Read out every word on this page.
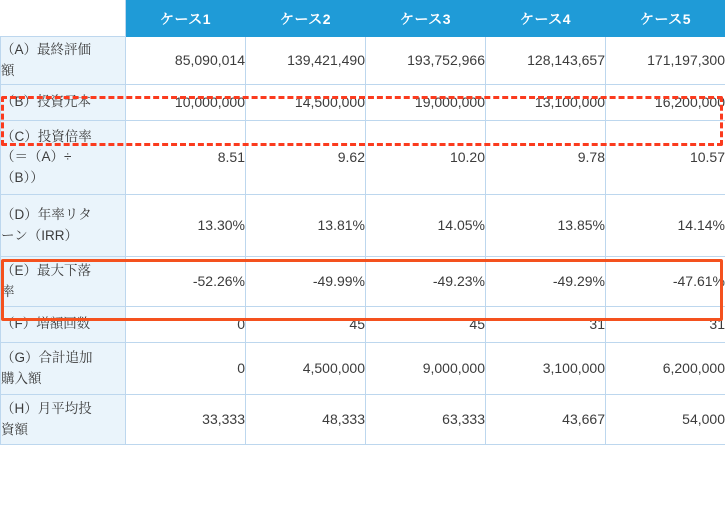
	ケース1	ケース2	ケース3	ケース4	ケース5

（A）最終評価
額	85,090,014	139,421,490	193,752,966	128,143,657	171,197,300

（B）投資元本	10,000,000	14,500,000	19,000,000	13,100,000	16,200,000

（C）投資倍率
（＝（A）÷
（B））	8.51	9.62	10.20	9.78	10.57

（D）年率リタ
ーン（IRR）	13.30%	13.81%	14.05%	13.85%	14.14%

（E）最大下落
率	-52.26%	-49.99%	-49.23%	-49.29%	-47.61%

（F）増額回数	0	45	45	31	31

（G）合計追加
購入額	0	4,500,000	9,000,000	3,100,000	6,200,000

（H）月平均投
資額	33,333	48,333	63,333	43,667	54,000
